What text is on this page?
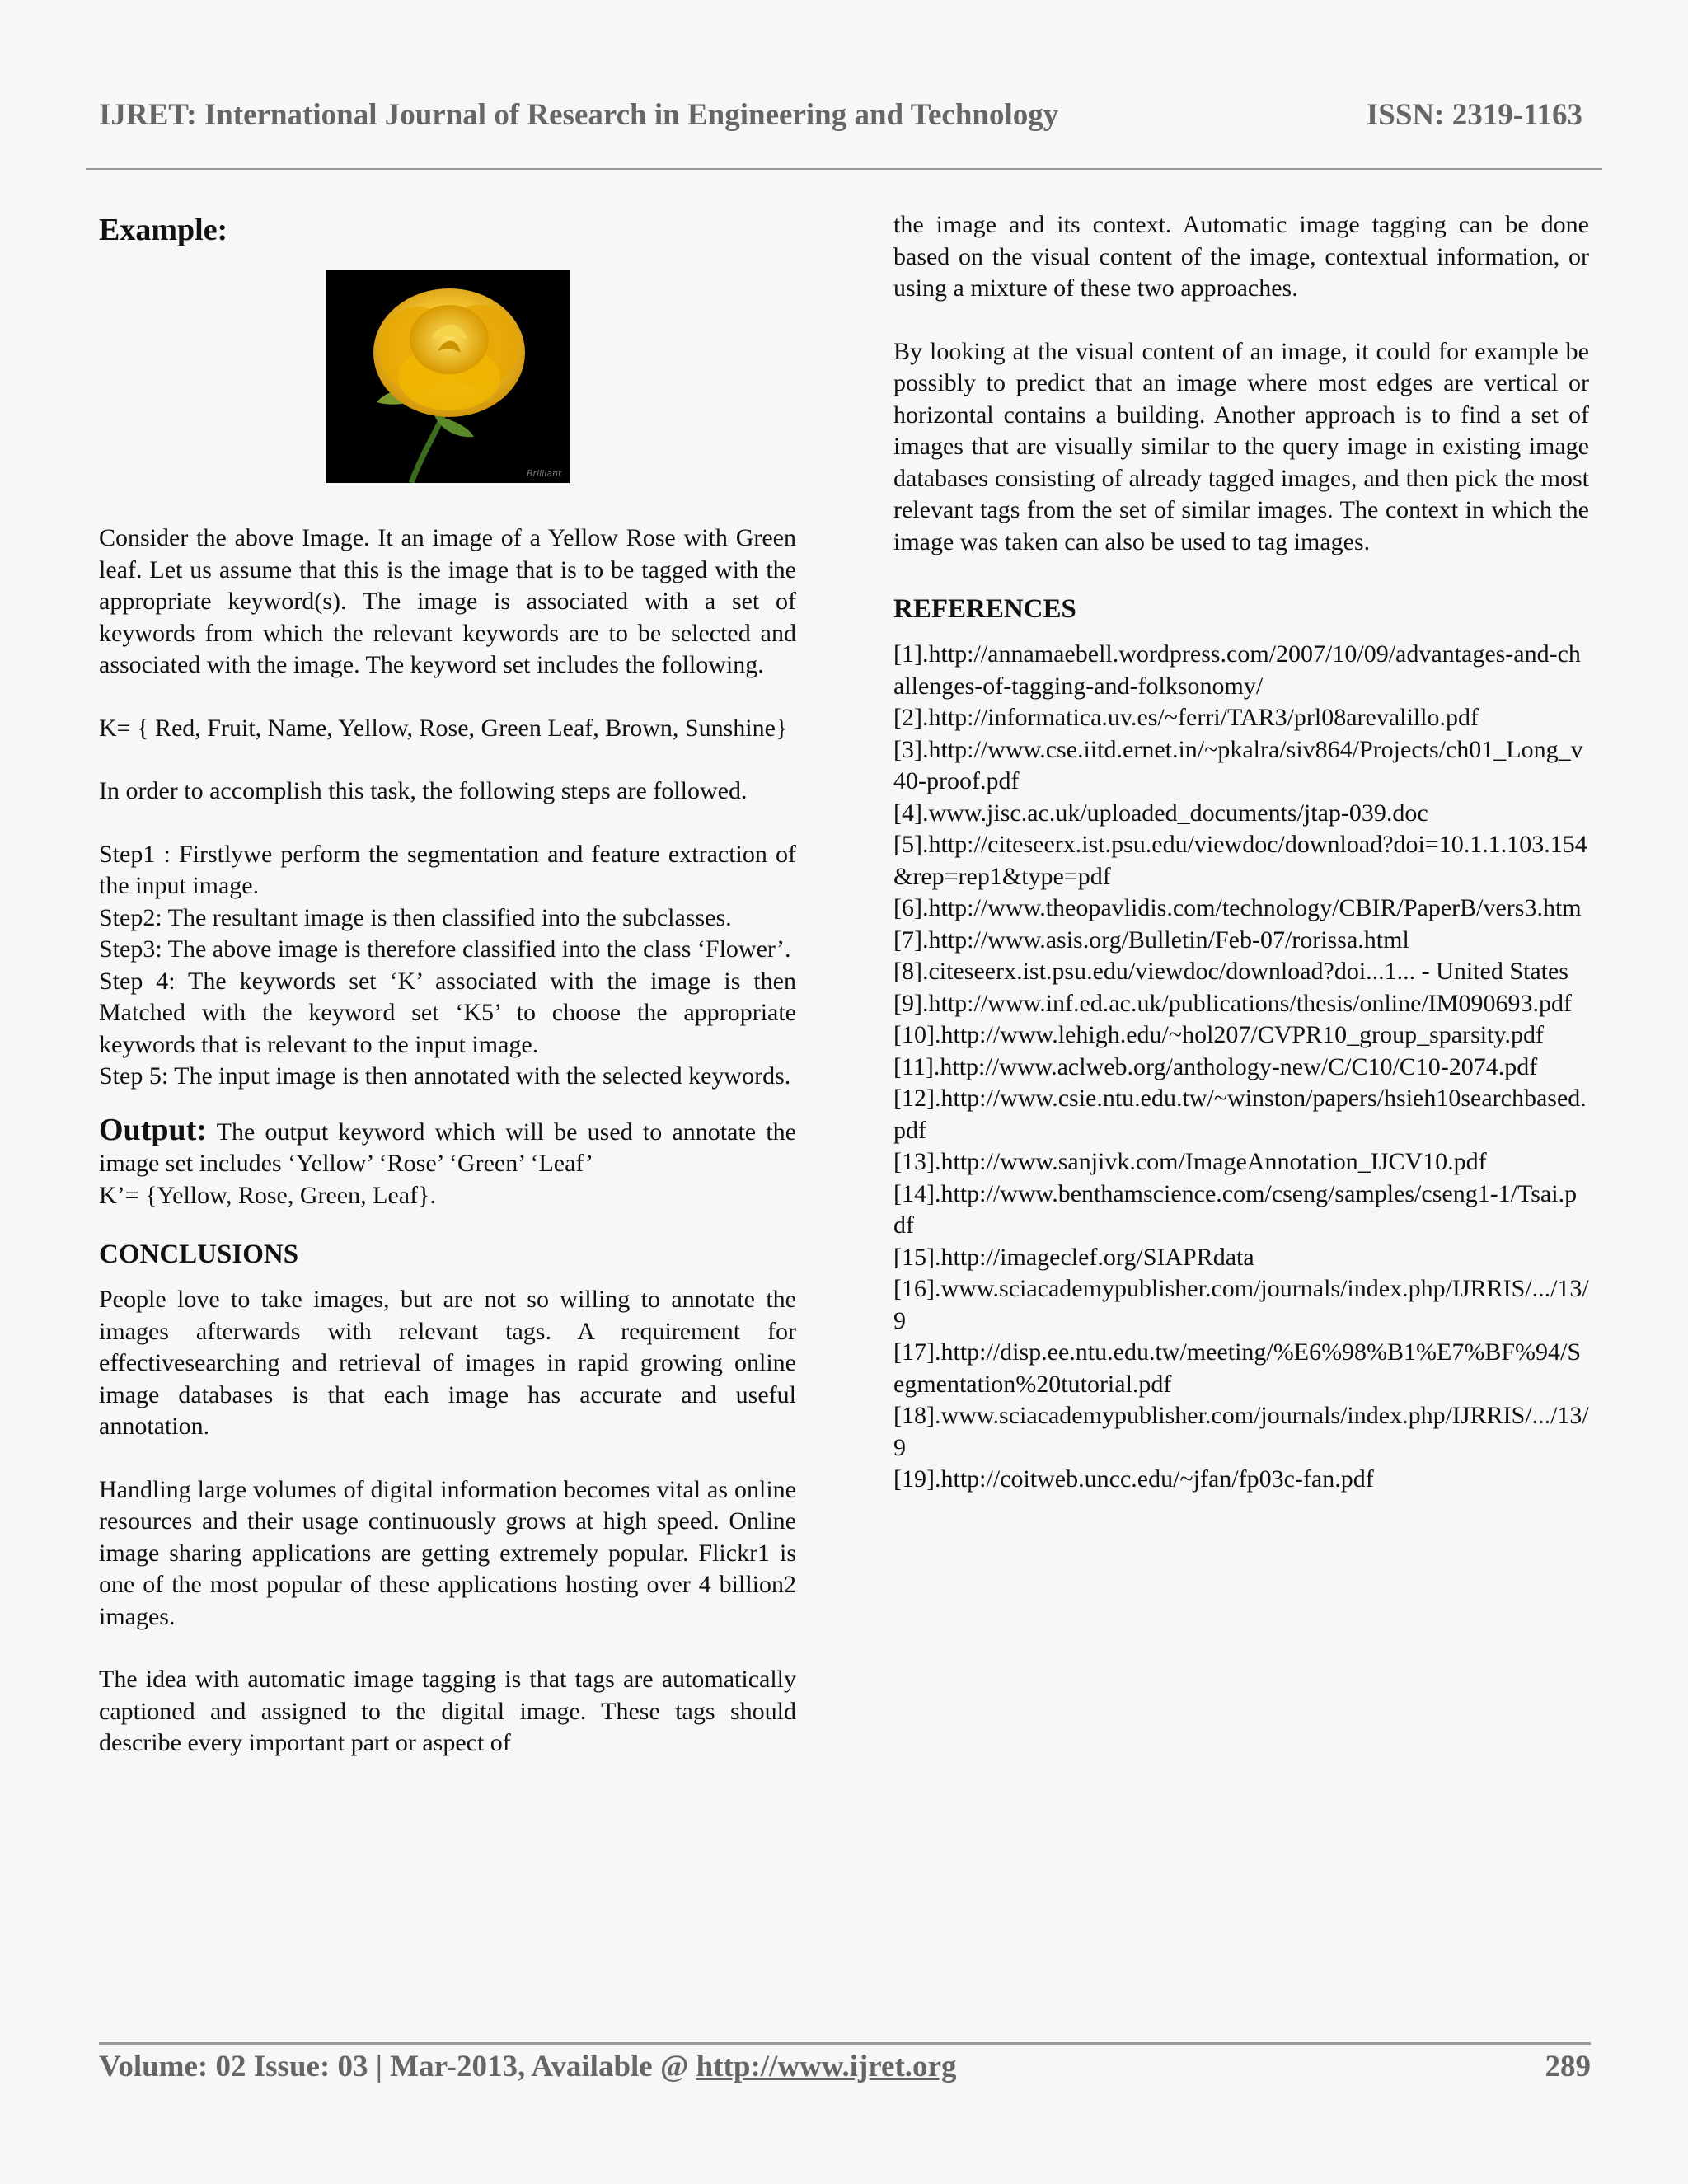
IJRET: International Journal of Research in Engineering and Technology	ISSN: 2319-1163
Example:
Brilliant

Consider the above Image. It an image of a Yellow Rose with Green leaf. Let us assume that this is the image that is to be tagged with the appropriate keyword(s). The image is associated with a set of keywords from which the relevant keywords are to be selected and associated with the image. The keyword set includes the following.

K= { Red, Fruit, Name, Yellow, Rose, Green Leaf, Brown, Sunshine}

In order to accomplish this task, the following steps are followed.

Step1 : Firstlywe perform the segmentation and feature extraction of the input image.

Step2: The resultant image is then classified into the subclasses.

Step3: The above image is therefore classified into the class ‘Flower’.

Step 4: The keywords set ‘K’ associated with the image is then Matched with the keyword set ‘K5’ to choose the appropriate keywords that is relevant to the input image.

Step 5: The input image is then annotated with the selected keywords.

Output: The output keyword which will be used to annotate the image set includes ‘Yellow’ ‘Rose’ ‘Green’ ‘Leaf’

K’= {Yellow, Rose, Green, Leaf}.

CONCLUSIONS

People love to take images, but are not so willing to annotate the images afterwards with relevant tags. A requirement for effectivesearching and retrieval of images in rapid growing online image databases is that each image has accurate and useful annotation.

Handling large volumes of digital information becomes vital as online resources and their usage continuously grows at high speed. Online image sharing applications are getting extremely popular. Flickr1 is one of the most popular of these applications hosting over 4 billion2 images.

The idea with automatic image tagging is that tags are automatically captioned and assigned to the digital image. These tags should describe every important part or aspect of

the image and its context. Automatic image tagging can be done based on the visual content of the image, contextual information, or using a mixture of these two approaches.

By looking at the visual content of an image, it could for example be possibly to predict that an image where most edges are vertical or horizontal contains a building. Another approach is to find a set of images that are visually similar to the query image in existing image databases consisting of already tagged images, and then pick the most relevant tags from the set of similar images. The context in which the image was taken can also be used to tag images.

REFERENCES
[1].http://annamaebell.wordpress.com/2007/10/09/advantages-and-challenges-of-tagging-and-folksonomy/
[2].http://informatica.uv.es/~ferri/TAR3/prl08arevalillo.pdf
[3].http://www.cse.iitd.ernet.in/~pkalra/siv864/Projects/ch01_Long_v40-proof.pdf
[4].www.jisc.ac.uk/uploaded_documents/jtap-039.doc
[5].http://citeseerx.ist.psu.edu/viewdoc/download?doi=10.1.1.103.154&rep=rep1&type=pdf
[6].http://www.theopavlidis.com/technology/CBIR/PaperB/vers3.htm
[7].http://www.asis.org/Bulletin/Feb-07/rorissa.html
[8].citeseerx.ist.psu.edu/viewdoc/download?doi...1... - United States
[9].http://www.inf.ed.ac.uk/publications/thesis/online/IM090693.pdf
[10].http://www.lehigh.edu/~hol207/CVPR10_group_sparsity.pdf
[11].http://www.aclweb.org/anthology-new/C/C10/C10-2074.pdf
[12].http://www.csie.ntu.edu.tw/~winston/papers/hsieh10searchbased.pdf
[13].http://www.sanjivk.com/ImageAnnotation_IJCV10.pdf
[14].http://www.benthamscience.com/cseng/samples/cseng1-1/Tsai.pdf
[15].http://imageclef.org/SIAPRdata
[16].www.sciacademypublisher.com/journals/index.php/IJRRIS/.../13/9
[17].http://disp.ee.ntu.edu.tw/meeting/%E6%98%B1%E7%BF%94/Segmentation%20tutorial.pdf
[18].www.sciacademypublisher.com/journals/index.php/IJRRIS/.../13/9
[19].http://coitweb.uncc.edu/~jfan/fp03c-fan.pdf
Volume: 02 Issue: 03 | Mar-2013, Available @ http://www.ijret.org	289
